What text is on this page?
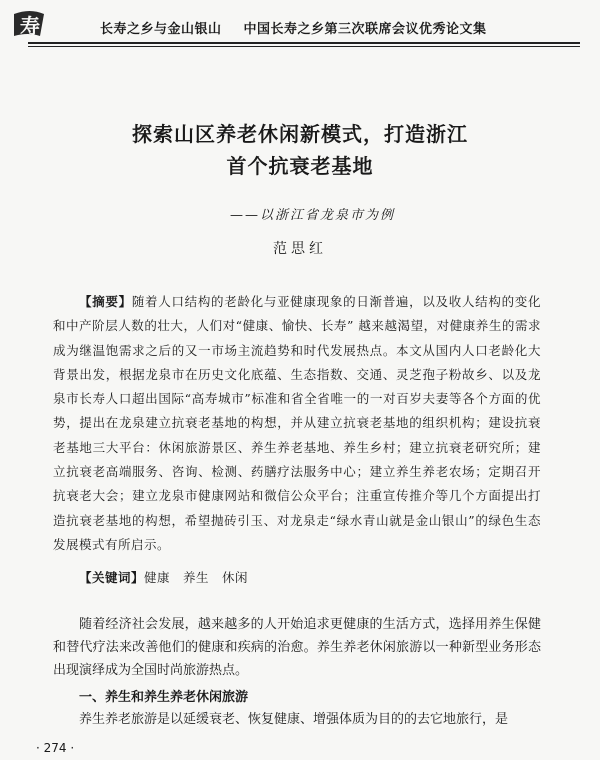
寿	长寿之乡与金山银山 中国长寿之乡第三次联席会议优秀论文集
探索山区养老休闲新模式，打造浙江
首个抗衰老基地
——以浙江省龙泉市为例
范思红
【摘要】随着人口结构的老龄化与亚健康现象的日渐普遍，以及收人结构的变化和中产阶层人数的壮大，人们对“健康、愉快、长寿” 越来越渴望，对健康养生的需求成为继温饱需求之后的又一市场主流趋势和时代发展热点。本文从国内人口老龄化大背景出发，根据龙泉市在历史文化底蕴、生态指数、交通、灵芝孢子粉故乡、以及龙泉市长寿人口超出国际“高寿城市”标准和省全省唯一的一对百岁夫妻等各个方面的优势，提出在龙泉建立抗衰老基地的构想，并从建立抗衰老基地的组织机构；建设抗衰老基地三大平台：休闲旅游景区、养生养老基地、养生乡村；建立抗衰老研究所；建立抗衰老高端服务、咨询、检测、药膳疗法服务中心；建立养生养老农场；定期召开抗衰老大会；建立龙泉市健康网站和微信公众平台；注重宣传推介等几个方面提出打造抗衰老基地的构想，希望抛砖引玉、对龙泉走“绿水青山就是金山银山”的绿色生态发展模式有所启示。
【关键词】健康　养生　休闲
随着经济社会发展，越来越多的人开始追求更健康的生活方式，选择用养生保健和替代疗法来改善他们的健康和疾病的治愈。养生养老休闲旅游以一种新型业务形态出现演绎成为全国时尚旅游热点。
一、养生和养生养老休闲旅游
养生养老旅游是以延缓衰老、恢复健康、增强体质为目的的去它地旅行，是
· 274 ·
